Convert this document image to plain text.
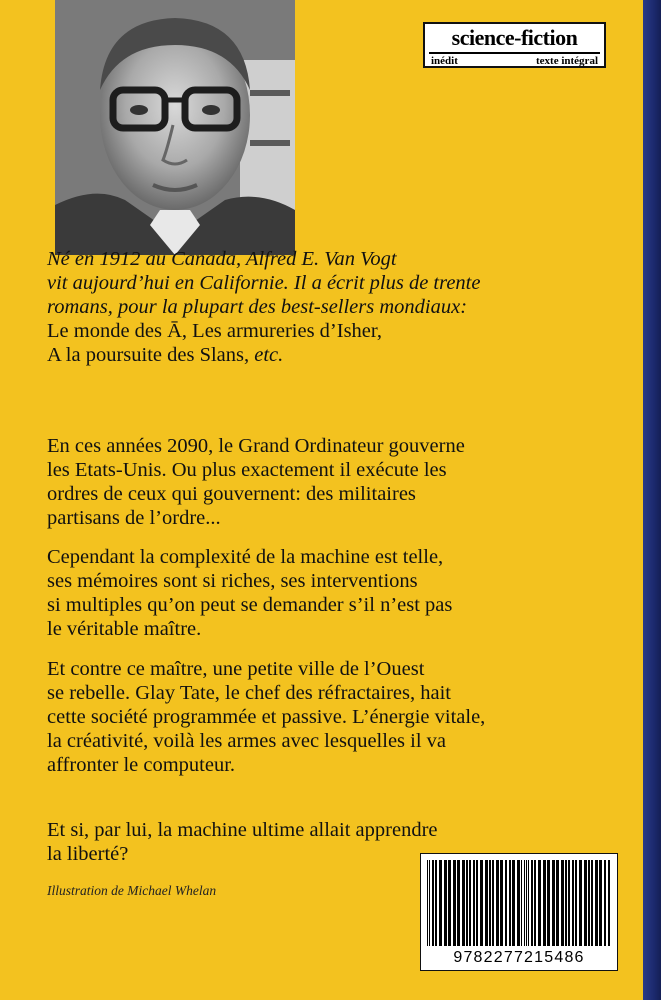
science-fiction
inédit	texte intégral
Né en 1912 au Canada, Alfred E. Van Vogt
vit aujourd’hui en Californie. Il a écrit plus de trente
romans, pour la plupart des best-sellers mondiaux:
Le monde des Ā, Les armureries d’Isher,
A la poursuite des Slans, etc.
En ces années 2090, le Grand Ordinateur gouverne
les Etats-Unis. Ou plus exactement il exécute les
ordres de ceux qui gouvernent: des militaires
partisans de l’ordre...
Cependant la complexité de la machine est telle,
ses mémoires sont si riches, ses interventions
si multiples qu’on peut se demander s’il n’est pas
le véritable maître.
Et contre ce maître, une petite ville de l’Ouest
se rebelle. Glay Tate, le chef des réfractaires, hait
cette société programmée et passive. L’énergie vitale,
la créativité, voilà les armes avec lesquelles il va
affronter le computeur.
Et si, par lui, la machine ultime allait apprendre
la liberté?
Illustration de Michael Whelan
9782277215486
